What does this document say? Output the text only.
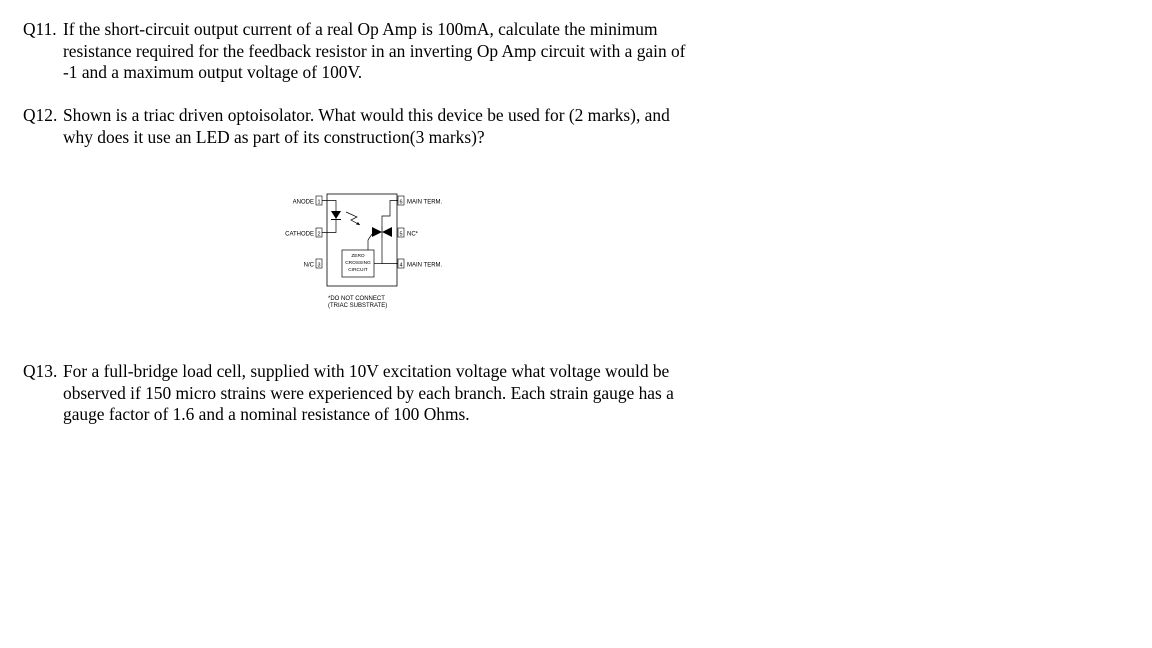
Q11. If the short-circuit output current of a real Op Amp is 100mA, calculate the minimum
resistance required for the feedback resistor in an inverting Op Amp circuit with a gain of
-1 and a maximum output voltage of 100V.
Q12. Shown is a triac driven optoisolator. What would this device be used for (2 marks), and
why does it use an LED as part of its construction(3 marks)?
1
2
3
6
5
4
ANODE
CATHODE
N/C
MAIN TERM.
NC*
MAIN TERM.
ZERO
CROSSING
CIRCUIT
*DO NOT CONNECT
(TRIAC SUBSTRATE)
Q13. For a full-bridge load cell, supplied with 10V excitation voltage what voltage would be
observed if 150 micro strains were experienced by each branch. Each strain gauge has a
gauge factor of 1.6 and a nominal resistance of 100 Ohms.
